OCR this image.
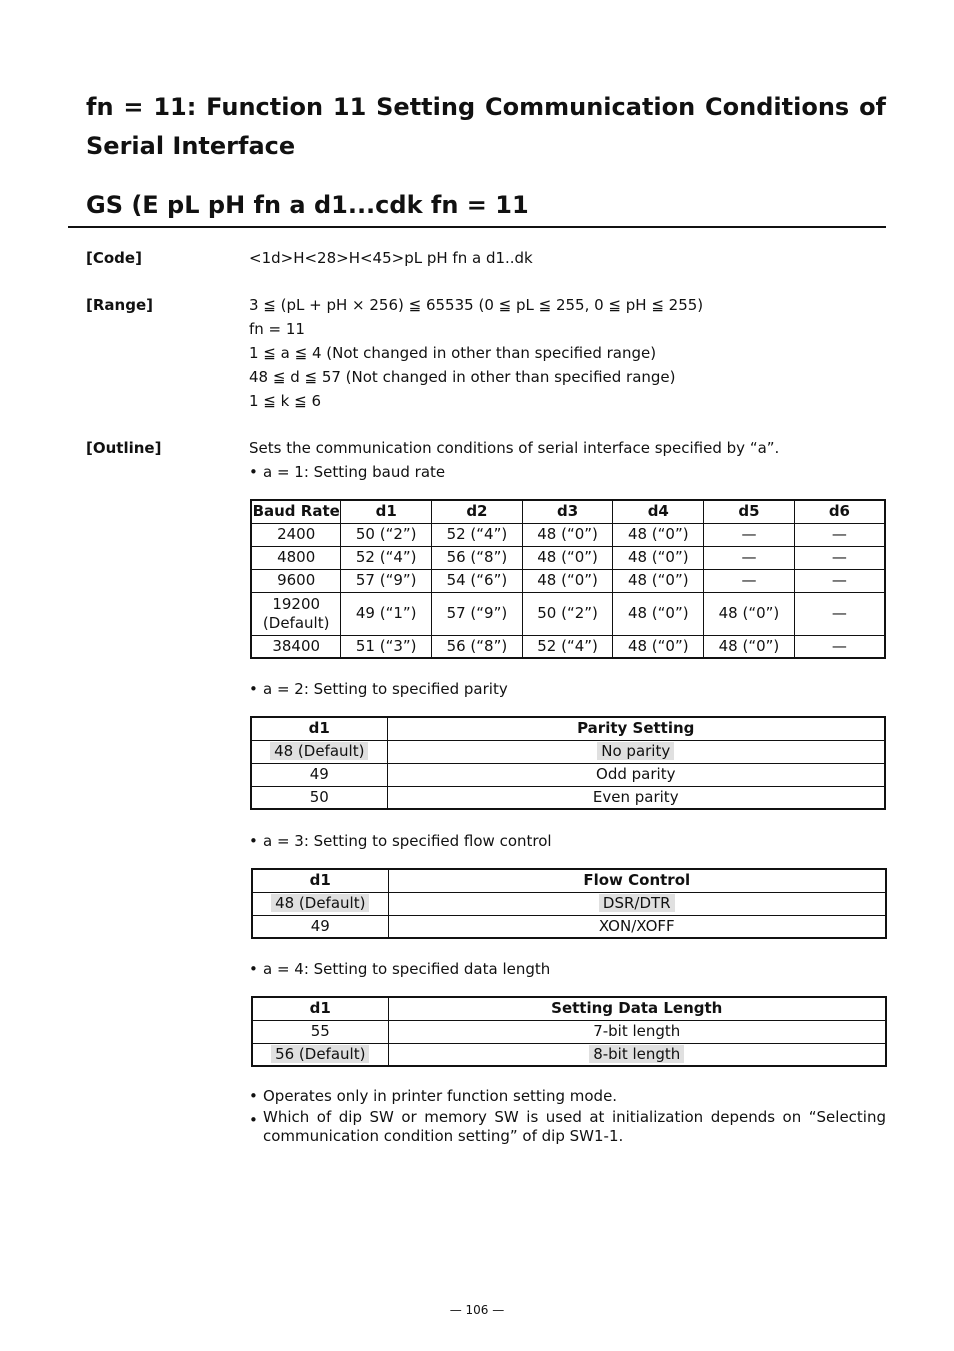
fn = 11: Function 11 Setting Communication Conditions of Serial Interface
GS (E pL pH fn a d1...cdk fn = 11
[Code]	<1d>H<28>H<45>pL pH fn a d1..dk
[Range]	3 ≦ (pL + pH × 256) ≦ 65535 (0 ≦ pL ≦ 255, 0 ≦ pH ≦ 255)
fn = 11
1 ≦ a ≦ 4 (Not changed in other than specified range)
48 ≦ d ≦ 57 (Not changed in other than specified range)
1 ≦ k ≦ 6
[Outline]	Sets the communication conditions of serial interface specified by “a”.
• a = 1: Setting baud rate
Baud Rate	d1	d2	d3	d4	d5	d6
2400	50 (“2”)	52 (“4”)	48 (“0”)	48 (“0”)	—	—
4800	52 (“4”)	56 (“8”)	48 (“0”)	48 (“0”)	—	—
9600	57 (“9”)	54 (“6”)	48 (“0”)	48 (“0”)	—	—

19200
(Default)	49 (“1”)	57 (“9”)	50 (“2”)	48 (“0”)	48 (“0”)	—
38400	51 (“3”)	56 (“8”)	52 (“4”)	48 (“0”)	48 (“0”)	—
• a = 2: Setting to specified parity
d1	Parity Setting
48 (Default)	No parity
49	Odd parity
50	Even parity
• a = 3: Setting to specified flow control
d1	Flow Control
48 (Default)	DSR/DTR
49	XON/XOFF
• a = 4: Setting to specified data length
d1	Setting Data Length
55	7-bit length
56 (Default)	8-bit length
• Operates only in printer function setting mode.
• Which of dip SW or memory SW is used at initialization depends on “Selecting communication condition setting” of dip SW1-1.
— 106 —
